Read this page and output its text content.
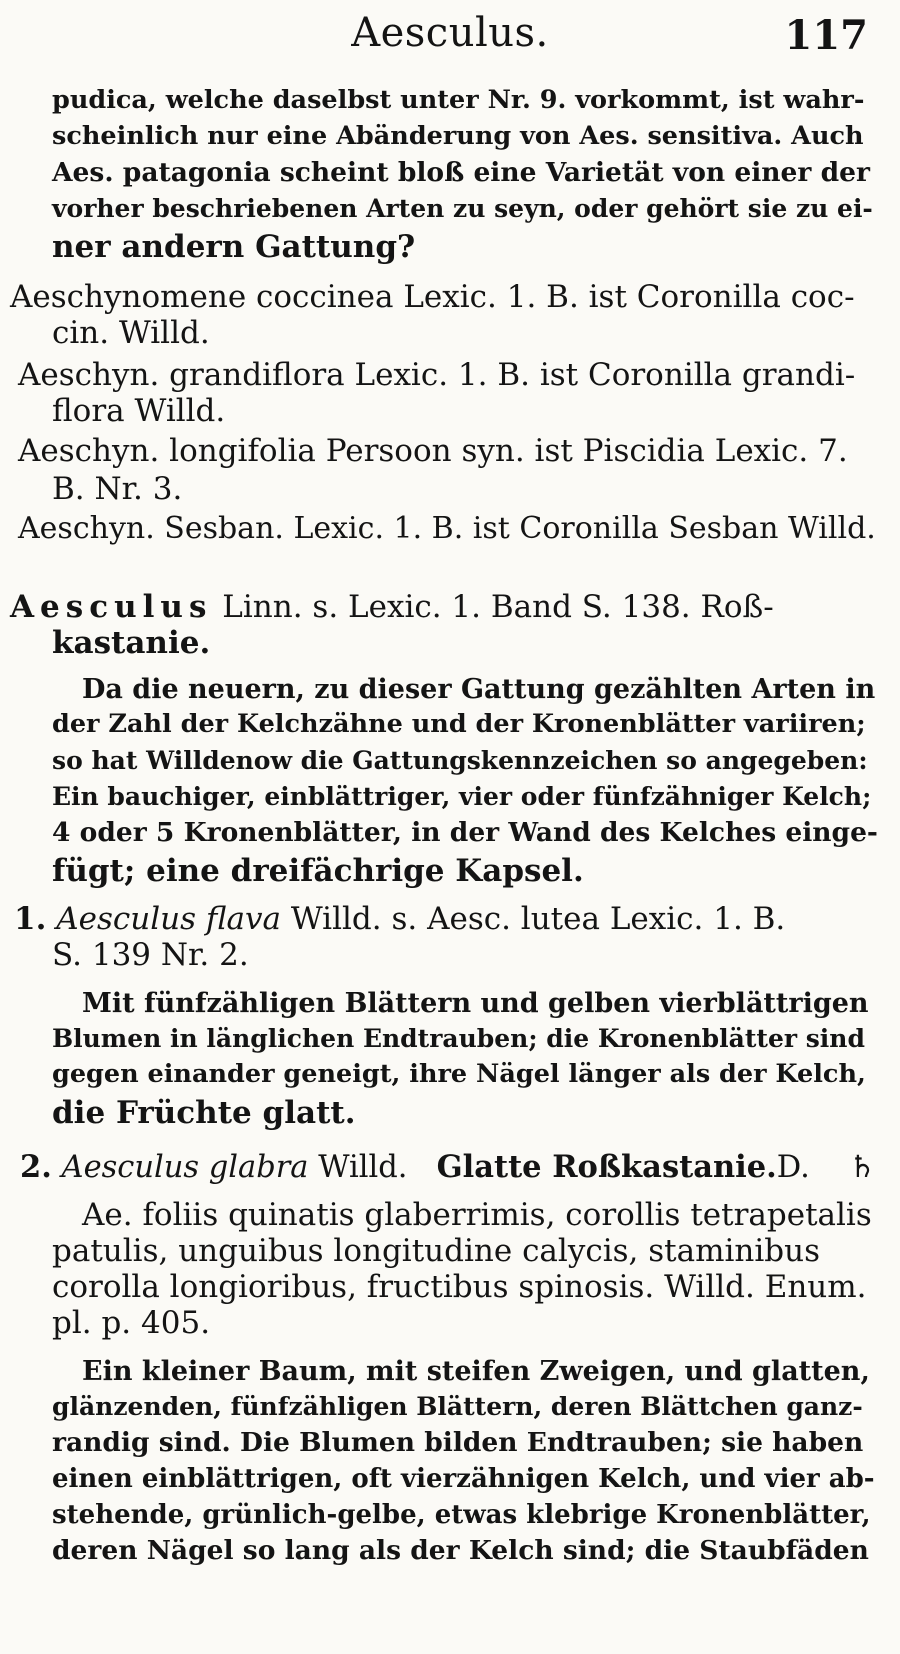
Aesculus.	117
pudica, welche daselbst unter Nr. 9. vorkommt, ist wahr-
scheinlich nur eine Abänderung von Aes. sensitiva. Auch
Aes. patagonia scheint bloß eine Varietät von einer der
vorher beschriebenen Arten zu seyn, oder gehört sie zu ei-
ner andern Gattung?
Aeschynomene coccinea Lexic. 1. B. ist Coronilla coc-
cin. Willd.
Aeschyn. grandiflora Lexic. 1. B. ist Coronilla grandi-
flora Willd.
Aeschyn. longifolia Persoon syn. ist Piscidia Lexic. 7.
B. Nr. 3.
Aeschyn. Sesban. Lexic. 1. B. ist Coronilla Sesban Willd.
Aesculus Linn. s. Lexic. 1. Band S. 138. Roß-
kastanie.
Da die neuern, zu dieser Gattung gezählten Arten in
der Zahl der Kelchzähne und der Kronenblätter variiren;
so hat Willdenow die Gattungskennzeichen so angegeben:
Ein bauchiger, einblättriger, vier oder fünfzähniger Kelch;
4 oder 5 Kronenblätter, in der Wand des Kelches einge-
fügt; eine dreifächrige Kapsel.
1. Aesculus flava Willd. s. Aesc. lutea Lexic. 1. B.
S. 139 Nr. 2.
Mit fünfzähligen Blättern und gelben vierblättrigen
Blumen in länglichen Endtrauben; die Kronenblätter sind
gegen einander geneigt, ihre Nägel länger als der Kelch,
die Früchte glatt.
2. Aesculus glabra Willd. Glatte Roßkastanie. D. ♄
Ae. foliis quinatis glaberrimis, corollis tetrapetalis
patulis, unguibus longitudine calycis, staminibus
corolla longioribus, fructibus spinosis. Willd. Enum.
pl. p. 405.
Ein kleiner Baum, mit steifen Zweigen, und glatten,
glänzenden, fünfzähligen Blättern, deren Blättchen ganz-
randig sind. Die Blumen bilden Endtrauben; sie haben
einen einblättrigen, oft vierzähnigen Kelch, und vier ab-
stehende, grünlich-gelbe, etwas klebrige Kronenblätter,
deren Nägel so lang als der Kelch sind; die Staubfäden
